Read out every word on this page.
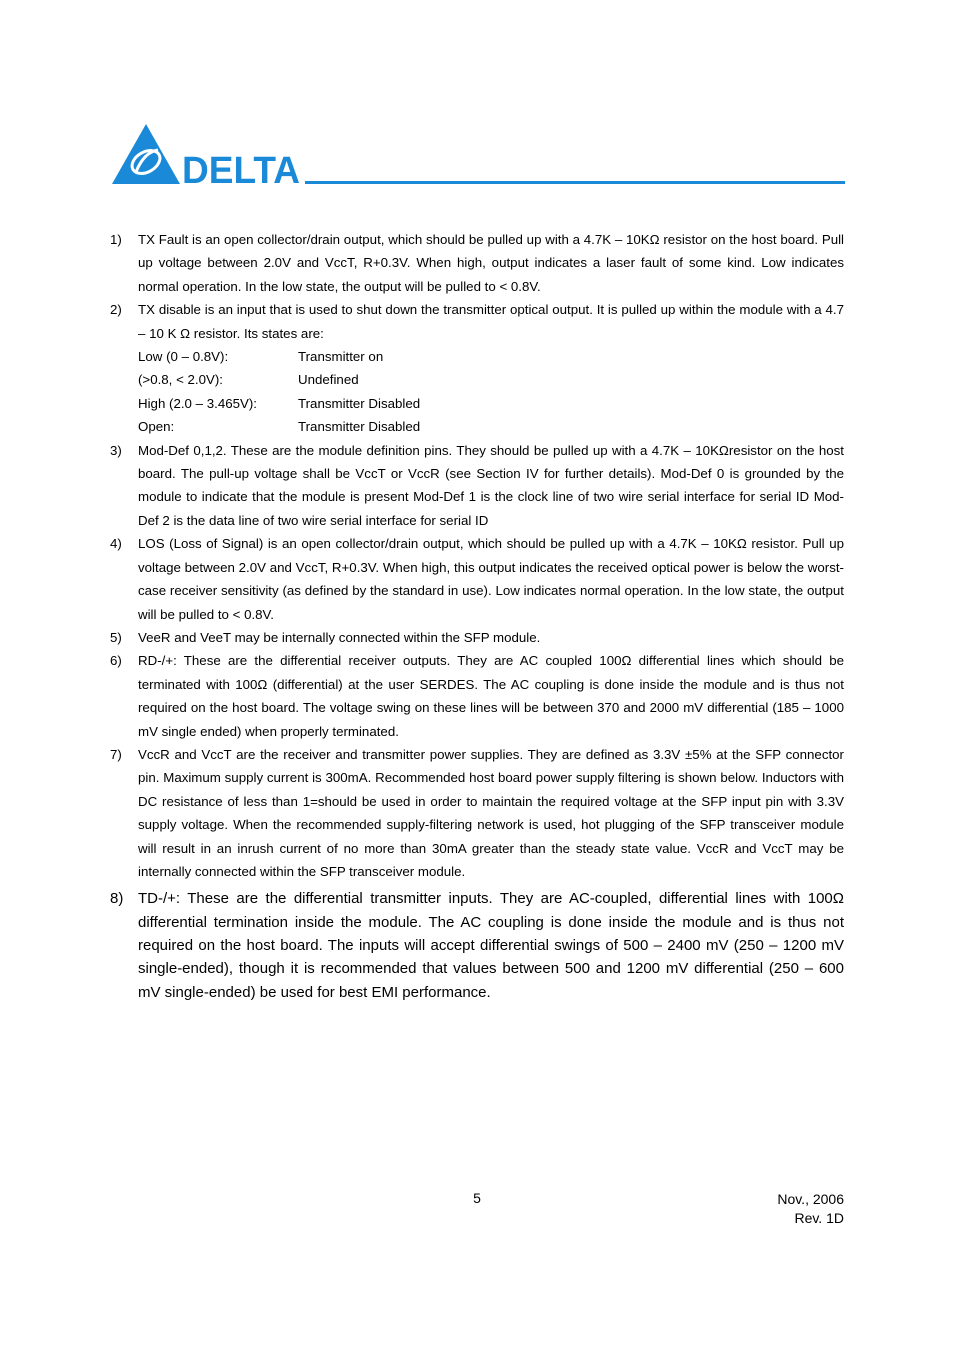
DELTA
1) TX Fault is an open collector/drain output, which should be pulled up with a 4.7K – 10KΩ resistor on the host board. Pull up voltage between 2.0V and VccT, R+0.3V. When high, output indicates a laser fault of some kind. Low indicates normal operation. In the low state, the output will be pulled to < 0.8V.
2) TX disable is an input that is used to shut down the transmitter optical output. It is pulled up within the module with a 4.7 – 10 K Ω resistor. Its states are:
Low (0 – 0.8V):	Transmitter on
(>0.8, < 2.0V):	Undefined
High (2.0 – 3.465V):	Transmitter Disabled
Open:	Transmitter Disabled
3) Mod-Def 0,1,2. These are the module definition pins. They should be pulled up with a 4.7K – 10KΩresistor on the host board. The pull-up voltage shall be VccT or VccR (see Section IV for further details). Mod-Def 0 is grounded by the module to indicate that the module is present Mod-Def 1 is the clock line of two wire serial interface for serial ID Mod-Def 2 is the data line of two wire serial interface for serial ID
4) LOS (Loss of Signal) is an open collector/drain output, which should be pulled up with a 4.7K – 10KΩ resistor. Pull up voltage between 2.0V and VccT, R+0.3V. When high, this output indicates the received optical power is below the worst-case receiver sensitivity (as defined by the standard in use). Low indicates normal operation. In the low state, the output will be pulled to < 0.8V.
5) VeeR and VeeT may be internally connected within the SFP module.
6) RD-/+: These are the differential receiver outputs. They are AC coupled 100Ω differential lines which should be terminated with 100Ω (differential) at the user SERDES. The AC coupling is done inside the module and is thus not required on the host board. The voltage swing on these lines will be between 370 and 2000 mV differential (185 – 1000 mV single ended) when properly terminated.
7) VccR and VccT are the receiver and transmitter power supplies. They are defined as 3.3V ±5% at the SFP connector pin. Maximum supply current is 300mA. Recommended host board power supply filtering is shown below. Inductors with DC resistance of less than 1=should be used in order to maintain the required voltage at the SFP input pin with 3.3V supply voltage. When the recommended supply-filtering network is used, hot plugging of the SFP transceiver module will result in an inrush current of no more than 30mA greater than the steady state value. VccR and VccT may be internally connected within the SFP transceiver module.
8) TD-/+: These are the differential transmitter inputs. They are AC-coupled, differential lines with 100Ω differential termination inside the module. The AC coupling is done inside the module and is thus not required on the host board. The inputs will accept differential swings of 500 – 2400 mV (250 – 1200 mV single-ended), though it is recommended that values between 500 and 1200 mV differential (250 – 600 mV single-ended) be used for best EMI performance.
5	Nov., 2006
Rev. 1D
